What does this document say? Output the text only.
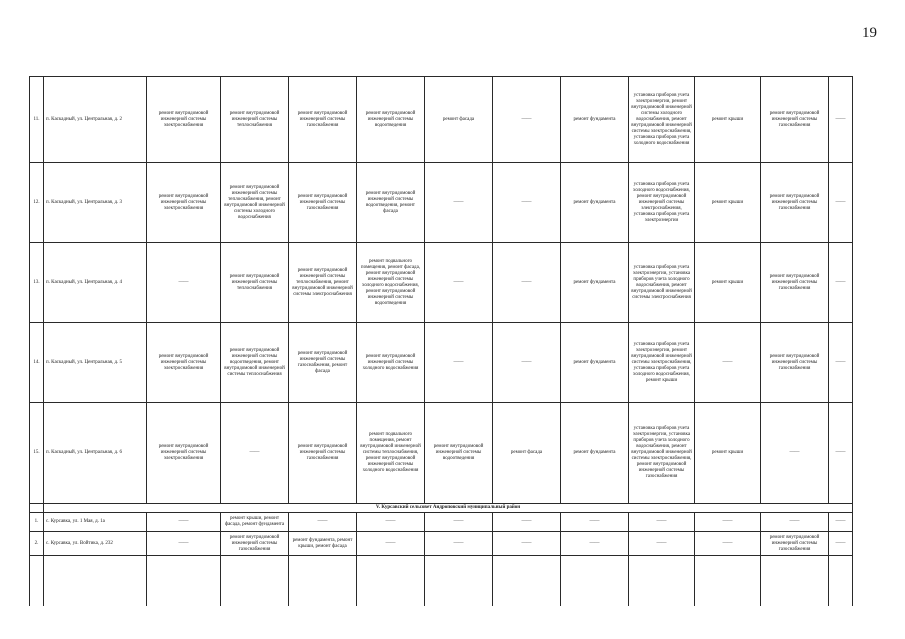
19
11.	п. Каскадный, ул. Центральная, д. 2	ремонт внутридомовой инженерной системы электроснабжения	ремонт внутридомовой инженерной системы теплоснабжения	ремонт внутридомовой инженерной системы газоснабжения	ремонт внутридомовой инженерной системы водоотведения	ремонт фасада	——	ремонт фундамента	установка приборов учета электроэнергии, ремонт внутридомовой инженерной системы холодного водоснабжения, ремонт внутридомовой инженерной системы электроснабжения, установка приборов учета холодного водоснабжения	ремонт крыши	ремонт внутридомовой инженерной системы газоснабжения	——
12.	п. Каскадный, ул. Центральная, д. 3	ремонт внутридомовой инженерной системы электроснабжения	ремонт внутридомовой инженерной системы теплоснабжения, ремонт внутридомовой инженерной системы холодного водоснабжения	ремонт внутридомовой инженерной системы газоснабжения	ремонт внутридомовой инженерной системы водоотведения, ремонт фасада	——	——	ремонт фундамента	установка приборов учета холодного водоснабжения, ремонт внутридомовой инженерной системы электроснабжения, установка приборов учета электроэнергии	ремонт крыши	ремонт внутридомовой инженерной системы газоснабжения	——
13.	п. Каскадный, ул. Центральная, д. 4	——	ремонт внутридомовой инженерной системы теплоснабжения	ремонт внутридомовой инженерной системы теплоснабжения, ремонт внутридомовой инженерной системы электроснабжения	ремонт подвального помещения, ремонт фасада, ремонт внутридомовой инженерной системы холодного водоснабжения, ремонт внутридомовой инженерной системы водоотведения	——	——	ремонт фундамента	установка приборов учета электроэнергии, установка приборов учета холодного водоснабжения, ремонт внутридомовой инженерной системы электроснабжения	ремонт крыши	ремонт внутридомовой инженерной системы газоснабжения	——
14.	п. Каскадный, ул. Центральная, д. 5	ремонт внутридомовой инженерной системы электроснабжения	ремонт внутридомовой инженерной системы водоотведения, ремонт внутридомовой инженерной системы теплоснабжения	ремонт внутридомовой инженерной системы газоснабжения, ремонт фасада	ремонт внутридомовой инженерной системы холодного водоснабжения	——	——	ремонт фундамента	установка приборов учета электроэнергии, ремонт внутридомовой инженерной системы электроснабжения, установка приборов учета холодного водоснабжения, ремонт крыши	——	ремонт внутридомовой инженерной системы газоснабжения	——
15.	п. Каскадный, ул. Центральная, д. 6	ремонт внутридомовой инженерной системы электроснабжения	——	ремонт внутридомовой инженерной системы газоснабжения	ремонт подвального помещения, ремонт внутридомовой инженерной системы теплоснабжения, ремонт внутридомовой инженерной системы холодного водоснабжения	ремонт внутридомовой инженерной системы водоотведения	ремонт фасада	ремонт фундамента	установка приборов учета электроэнергии, установка приборов учета холодного водоснабжения, ремонт внутридомовой инженерной системы электроснабжения, ремонт внутридомовой инженерной системы газоснабжения	ремонт крыши	——	——
	V. Курсавский сельсовет Андроповский муниципальный район											
1.	с. Курсавка, ул. 1 Мая, д. 1а	——	ремонт крыши, ремонт фасада, ремонт фундамента	——	——	——	——	——	——	——	——	——
2.	с. Курсавка, ул. Войтика, д. 232	——	ремонт внутридомовой инженерной системы газоснабжения	ремонт фундамента, ремонт крыши, ремонт фасада	——	——	——	——	——	——	ремонт внутридомовой инженерной системы газоснабжения	——
